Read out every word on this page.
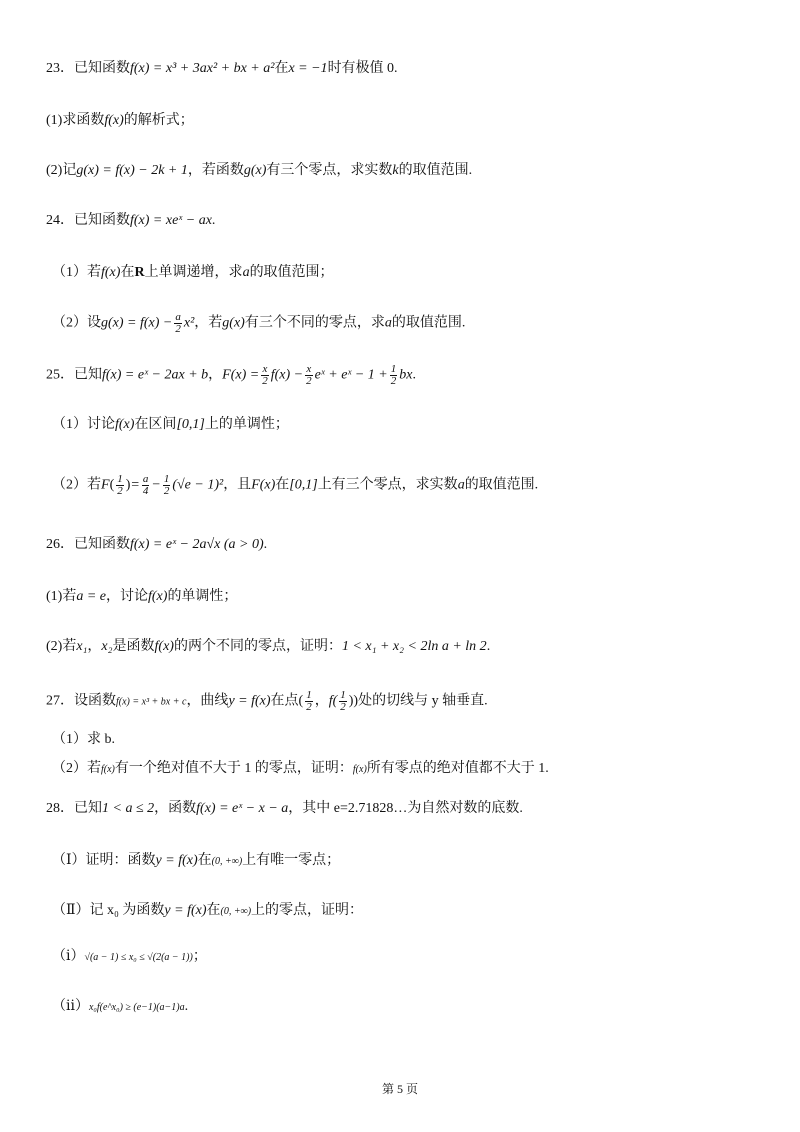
23．已知函数f(x) = x³ + 3ax² + bx + a²在x = −1时有极值 0.
(1)求函数f(x)的解析式；
(2)记g(x) = f(x) − 2k + 1，若函数g(x)有三个零点，求实数k的取值范围.
24．已知函数f(x) = xeˣ − ax.
（1）若f(x)在R上单调递增，求a的取值范围；
（2）设$g(x) = f(x) - \frac{a}{2} x^2$，若g(x)有三个不同的零点，求a的取值范围.
25．已知f(x) = eˣ − 2ax + b，$F(x) = \frac{x}{2} f(x) - \frac{x}{2}$ eˣ + eˣ − $1 + \frac{1}{2}$ bx.
（1）讨论f(x)在区间[0,1]上的单调性；
（2）若$F( \frac{1}{2}$ )= $\frac{a}{4} - \frac{1}{2} (√e - 1)^2$，且F(x)在[0,1]上有三个零点，求实数a的取值范围.
26．已知函数f(x) = eˣ − 2a√x (a > 0).
(1)若a = e，讨论f(x)的单调性；
(2)若x₁，x₂是函数f(x)的两个不同的零点，证明：1 < x₁ + x₂ < 2ln a + ln 2.
27．设函数f(x) = x³ + bx + c，曲线y = f(x)在点( $\frac{1}{2}$ ，$f( \frac{1}{2}$ ))处的切线与 y 轴垂直.
（1）求 b.
（2）若f(x)有一个绝对值不大于 1 的零点，证明：f(x)所有零点的绝对值都不大于 1.
28．已知1 < a ≤ 2，函数f(x) = eˣ − x − a，其中 e=2.71828…为自然对数的底数.
（Ⅰ）证明：函数y = f(x)在(0, +∞)上有唯一零点；
（Ⅱ）记 x₀ 为函数y = f(x)在(0, +∞)上的零点，证明：
（ⅰ）√(a − 1) ≤ x₀ ≤ √(2(a − 1))；
（ⅱ）x₀f(e^x₀) ≥ (e−1)(a−1)a.
第 5 页
